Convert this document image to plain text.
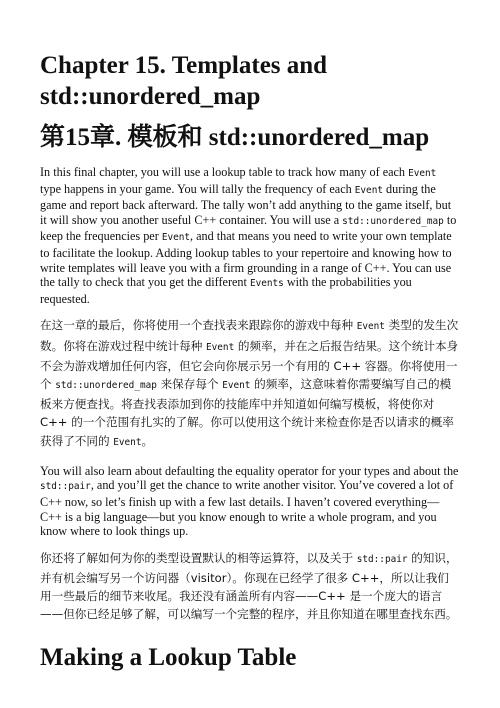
Chapter 15. Templates and
std::unordered_map
第15章. 模板和 std::unordered_map

In this final chapter, you will use a lookup table to track how many of each Event type happens in your game. You will tally the frequency of each Event during the game and report back afterward. The tally won’t add anything to the game itself, but it will show you another useful C++ container. You will use a std::unordered_map to keep the frequencies per Event, and that means you need to write your own template to facilitate the lookup. Adding lookup tables to your repertoire and knowing how to write templates will leave you with a firm grounding in a range of C++. You can use the tally to check that you get the different Events with the probabilities you requested.

在这一章的最后，你将使用一个查找表来跟踪你的游戏中每种 Event 类型的发生次数。你将在游戏过程中统计每种 Event 的频率，并在之后报告结果。这个统计本身不会为游戏增加任何内容，但它会向你展示另一个有用的 C++ 容器。你将使用一个 std::unordered_map 来保存每个 Event 的频率，这意味着你需要编写自己的模板来方便查找。将查找表添加到你的技能库中并知道如何编写模板，将使你对 C++ 的一个范围有扎实的了解。你可以使用这个统计来检查你是否以请求的概率获得了不同的 Event。

You will also learn about defaulting the equality operator for your types and about the std::pair, and you’ll get the chance to write another visitor. You’ve covered a lot of C++ now, so let’s finish up with a few last details. I haven’t covered everything—C++ is a big language—but you know enough to write a whole program, and you know where to look things up.

你还将了解如何为你的类型设置默认的相等运算符，以及关于 std::pair 的知识，并有机会编写另一个访问器（visitor）。你现在已经学了很多 C++，所以让我们用一些最后的细节来收尾。我还没有涵盖所有内容——C++ 是一个庞大的语言——但你已经足够了解，可以编写一个完整的程序，并且你知道在哪里查找东西。

Making a Lookup Table
